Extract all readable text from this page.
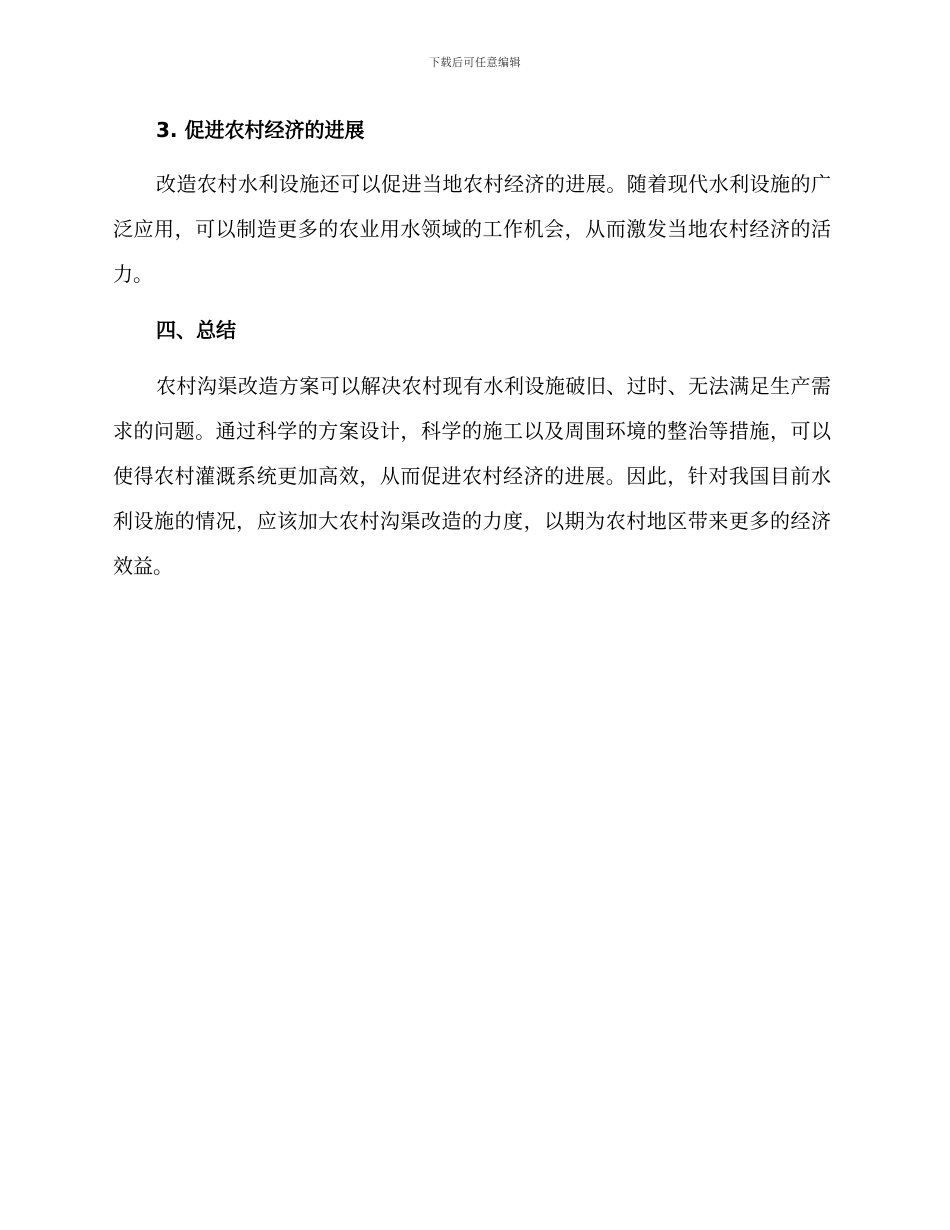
下载后可任意编辑
3. 促进农村经济的进展

改造农村水利设施还可以促进当地农村经济的进展。随着现代水利设施的广泛应用，可以制造更多的农业用水领域的工作机会，从而激发当地农村经济的活力。

四、总结

农村沟渠改造方案可以解决农村现有水利设施破旧、过时、无法满足生产需求的问题。通过科学的方案设计，科学的施工以及周围环境的整治等措施，可以使得农村灌溉系统更加高效，从而促进农村经济的进展。因此，针对我国目前水利设施的情况，应该加大农村沟渠改造的力度，以期为农村地区带来更多的经济效益。
